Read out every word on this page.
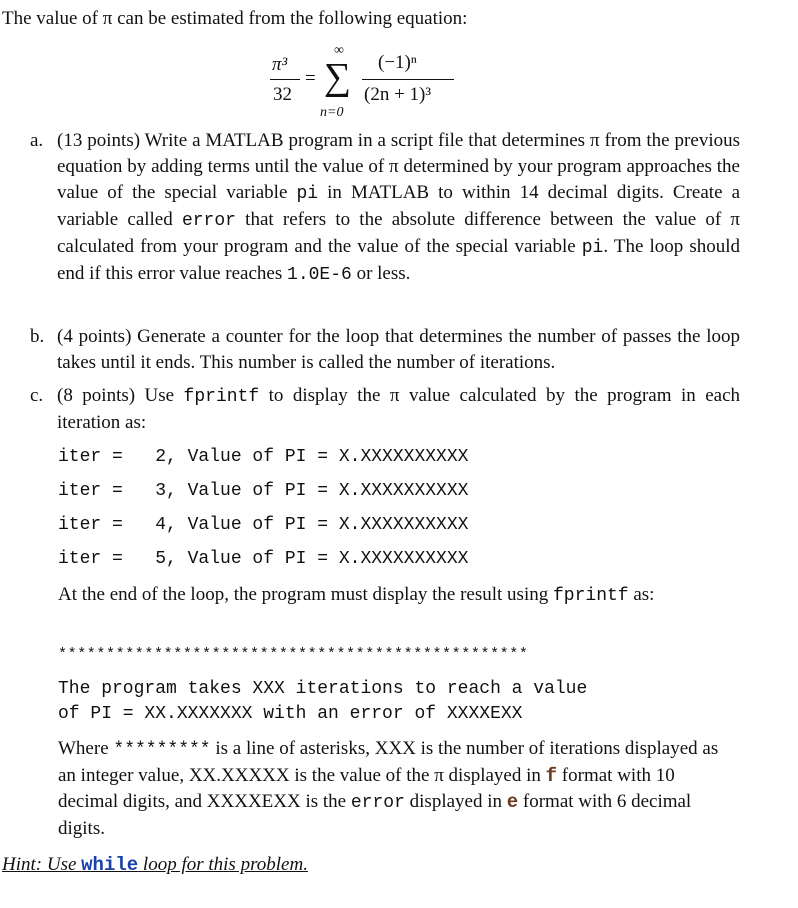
The value of π can be estimated from the following equation:
π³
32
=
∞
∑
n=0
(−1)ⁿ
(2n + 1)³
a. (13 points) Write a MATLAB program in a script file that determines π from the previous equation by adding terms until the value of π determined by your program approaches the value of the special variable pi in MATLAB to within 14 decimal digits. Create a variable called error that refers to the absolute difference between the value of π calculated from your program and the value of the special variable pi. The loop should end if this error value reaches 1.0E-6 or less.
b. (4 points) Generate a counter for the loop that determines the number of passes the loop takes until it ends. This number is called the number of iterations.
c. (8 points) Use fprintf to display the π value calculated by the program in each iteration as:
iter =   2, Value of PI = X.XXXXXXXXXX
iter =   3, Value of PI = X.XXXXXXXXXX
iter =   4, Value of PI = X.XXXXXXXXXX
iter =   5, Value of PI = X.XXXXXXXXXX
At the end of the loop, the program must display the result using fprintf as:
*************************************************
The program takes XXX iterations to reach a value
of PI = XX.XXXXXXX with an error of XXXXEXX
Where ********* is a line of asterisks, XXX is the number of iterations displayed as an integer value, XX.XXXXX is the value of the π displayed in f format with 10 decimal digits, and XXXXEXX is the error displayed in e format with 6 decimal digits.
Hint: Use while loop for this problem.
